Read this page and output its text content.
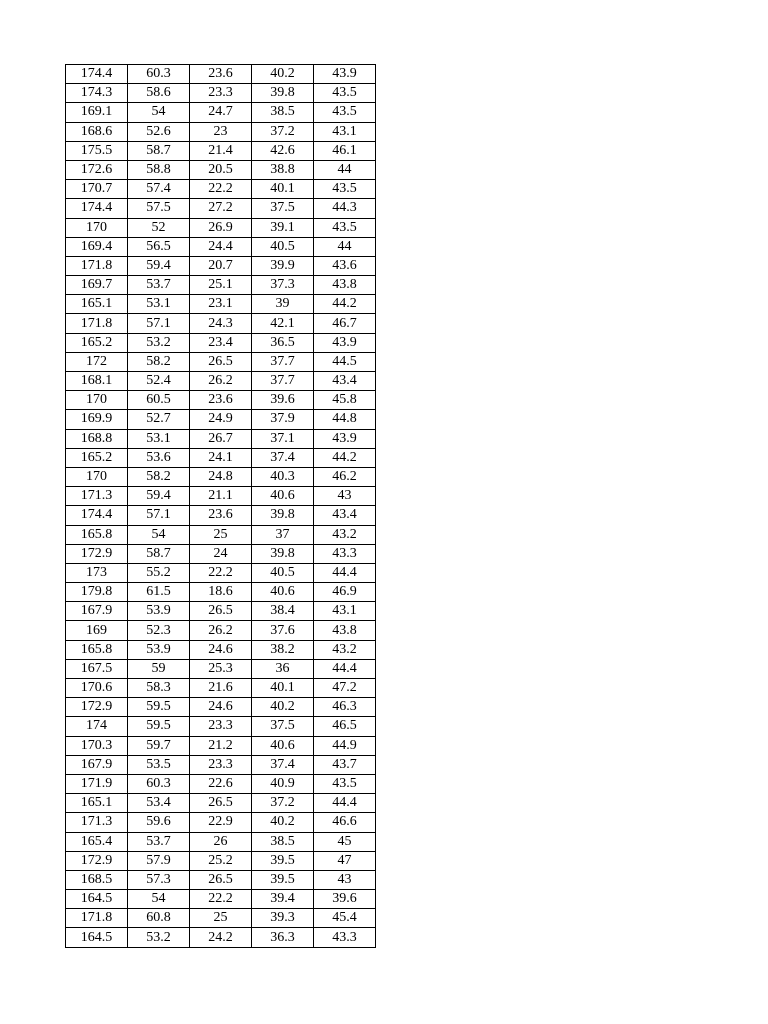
174.4	60.3	23.6	40.2	43.9
174.3	58.6	23.3	39.8	43.5
169.1	54	24.7	38.5	43.5
168.6	52.6	23	37.2	43.1
175.5	58.7	21.4	42.6	46.1
172.6	58.8	20.5	38.8	44
170.7	57.4	22.2	40.1	43.5
174.4	57.5	27.2	37.5	44.3
170	52	26.9	39.1	43.5
169.4	56.5	24.4	40.5	44
171.8	59.4	20.7	39.9	43.6
169.7	53.7	25.1	37.3	43.8
165.1	53.1	23.1	39	44.2
171.8	57.1	24.3	42.1	46.7
165.2	53.2	23.4	36.5	43.9
172	58.2	26.5	37.7	44.5
168.1	52.4	26.2	37.7	43.4
170	60.5	23.6	39.6	45.8
169.9	52.7	24.9	37.9	44.8
168.8	53.1	26.7	37.1	43.9
165.2	53.6	24.1	37.4	44.2
170	58.2	24.8	40.3	46.2
171.3	59.4	21.1	40.6	43
174.4	57.1	23.6	39.8	43.4
165.8	54	25	37	43.2
172.9	58.7	24	39.8	43.3
173	55.2	22.2	40.5	44.4
179.8	61.5	18.6	40.6	46.9
167.9	53.9	26.5	38.4	43.1
169	52.3	26.2	37.6	43.8
165.8	53.9	24.6	38.2	43.2
167.5	59	25.3	36	44.4
170.6	58.3	21.6	40.1	47.2
172.9	59.5	24.6	40.2	46.3
174	59.5	23.3	37.5	46.5
170.3	59.7	21.2	40.6	44.9
167.9	53.5	23.3	37.4	43.7
171.9	60.3	22.6	40.9	43.5
165.1	53.4	26.5	37.2	44.4
171.3	59.6	22.9	40.2	46.6
165.4	53.7	26	38.5	45
172.9	57.9	25.2	39.5	47
168.5	57.3	26.5	39.5	43
164.5	54	22.2	39.4	39.6
171.8	60.8	25	39.3	45.4
164.5	53.2	24.2	36.3	43.3
